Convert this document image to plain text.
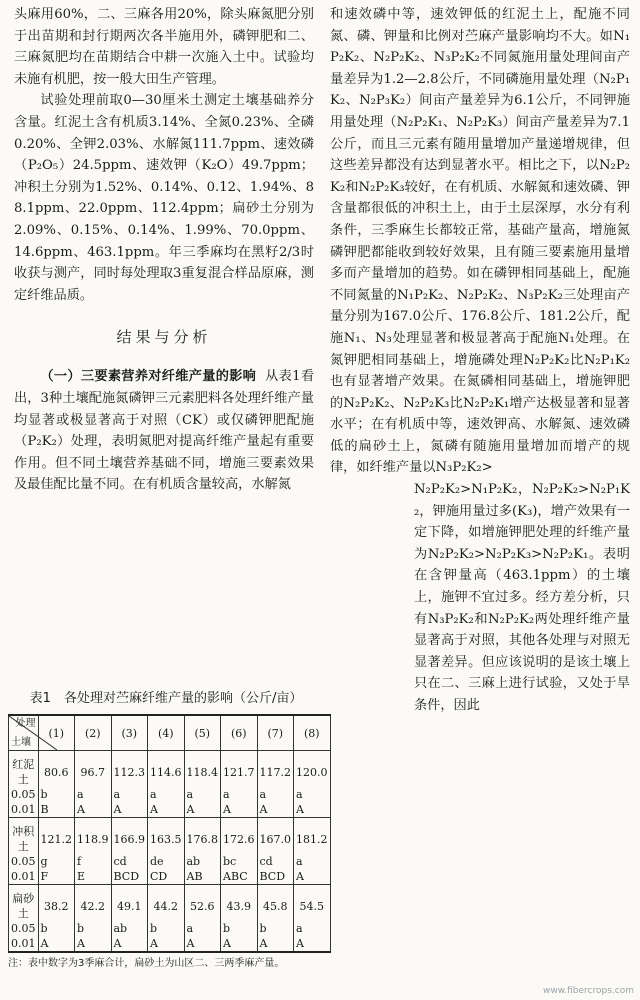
头麻用60%，二、三麻各用20%，除头麻氮肥分别于出苗期和封行期两次各半施用外，磷钾肥和二、三麻氮肥均在苗期结合中耕一次施入土中。试验均未施有机肥，按一般大田生产管理。

试验处理前取0—30厘米土测定土壤基础养分含量。红泥土含有机质3.14%、全氮0.23%、全磷0.20%、全钾2.03%、水解氮111.7ppm、速效磷（P₂O₅）24.5ppm、速效钾（K₂O）49.7ppm；冲积土分别为1.52%、0.14%、0.12、1.94%、88.1ppm、22.0ppm、112.4ppm；扁砂土分别为2.09%、0.15%、0.14%、1.99%、70.0ppm、14.6ppm、463.1ppm。年三季麻均在黑籽2/3时收获与测产，同时每处理取3重复混合样品原麻，测定纤维品质。

结果与分析

（一）三要素营养对纤维产量的影响 从表1看出，3种土壤配施氮磷钾三元素肥料各处理纤维产量均显著或极显著高于对照（CK）或仅磷钾肥配施（P₂K₂）处理，表明氮肥对提高纤维产量起有重要作用。但不同土壤营养基础不同，增施三要素效果及最佳配比量不同。在有机质含量较高，水解氮

和速效磷中等，速效钾低的红泥土上，配施不同氮、磷、钾量和比例对苎麻产量影响均不大。如N₁P₂K₂、N₂P₂K₂、N₃P₂K₂不同氮施用量处理间亩产量差异为1.2—2.8公斤，不同磷施用量处理（N₂P₁K₂、N₂P₃K₂）间亩产量差异为6.1公斤，不同钾施用量处理（N₂P₂K₁、N₂P₂K₃）间亩产量差异为7.1公斤，而且三元素有随用量增加产量递增规律，但这些差异都没有达到显著水平。相比之下，以N₂P₂K₂和N₂P₂K₃较好，在有机质、水解氮和速效磷、钾含量都很低的冲积土上，由于土层深厚，水分有利条件，三季麻生长都较正常，基础产量高，增施氮磷钾肥都能收到较好效果，且有随三要素施用量增多而产量增加的趋势。如在磷钾相同基础上，配施不同氮量的N₁P₂K₂、N₂P₂K₂、N₃P₂K₂三处理亩产量分别为167.0公斤、176.8公斤、181.2公斤，配施N₁、N₃处理显著和极显著高于配施N₁处理。在氮钾肥相同基础上，增施磷处理N₂P₂K₂比N₂P₁K₂也有显著增产效果。在氮磷相同基础上，增施钾肥的N₂P₂K₂、N₂P₂K₃比N₂P₂K₁增产达极显著和显著水平；在有机质中等，速效钾高、水解氮、速效磷低的扁砂土上，氮磷有随施用量增加而增产的规律，如纤维产量以N₃P₂K₂>

N₂P₂K₂>N₁P₂K₂，N₂P₂K₂>N₂P₁K₂，钾施用量过多(K₃)，增产效果有一定下降，如增施钾肥处理的纤维产量为N₂P₂K₂>N₂P₂K₃>N₂P₂K₁。表明在含钾量高（463.1ppm）的土壤上，施钾不宜过多。经方差分析，只有N₃P₂K₂和N₂P₂K₂两处理纤维产量显著高于对照，其他各处理与对照无显著差异。但应该说明的是该土壤上只在二、三麻上进行试验，又处于旱条件，因此

表1　各处理对苎麻纤维产量的影响（公斤/亩）
处理
土壤	(1)	(2)	(3)	(4)	(5)	(6)	(7)	(8)
红泥土	80.6	96.7	112.3	114.6	118.4	121.7	117.2	120.0
0.05	b	a	a	a	a	a	a	a
0.01	B	A	A	A	A	A	A	A
冲积土	121.2	118.9	166.9	163.5	176.8	172.6	167.0	181.2
0.05	g	f	cd	de	ab	bc	cd	a
0.01	F	E	BCD	CD	AB	ABC	BCD	A
扁砂土	38.2	42.2	49.1	44.2	52.6	43.9	45.8	54.5
0.05	b	b	ab	b	a	b	b	a
0.01	A	A	A	A	A	A	A	A
注：表中数字为3季麻合计，扁砂土为山区二、三两季麻产量。
www.fibercrops.com
